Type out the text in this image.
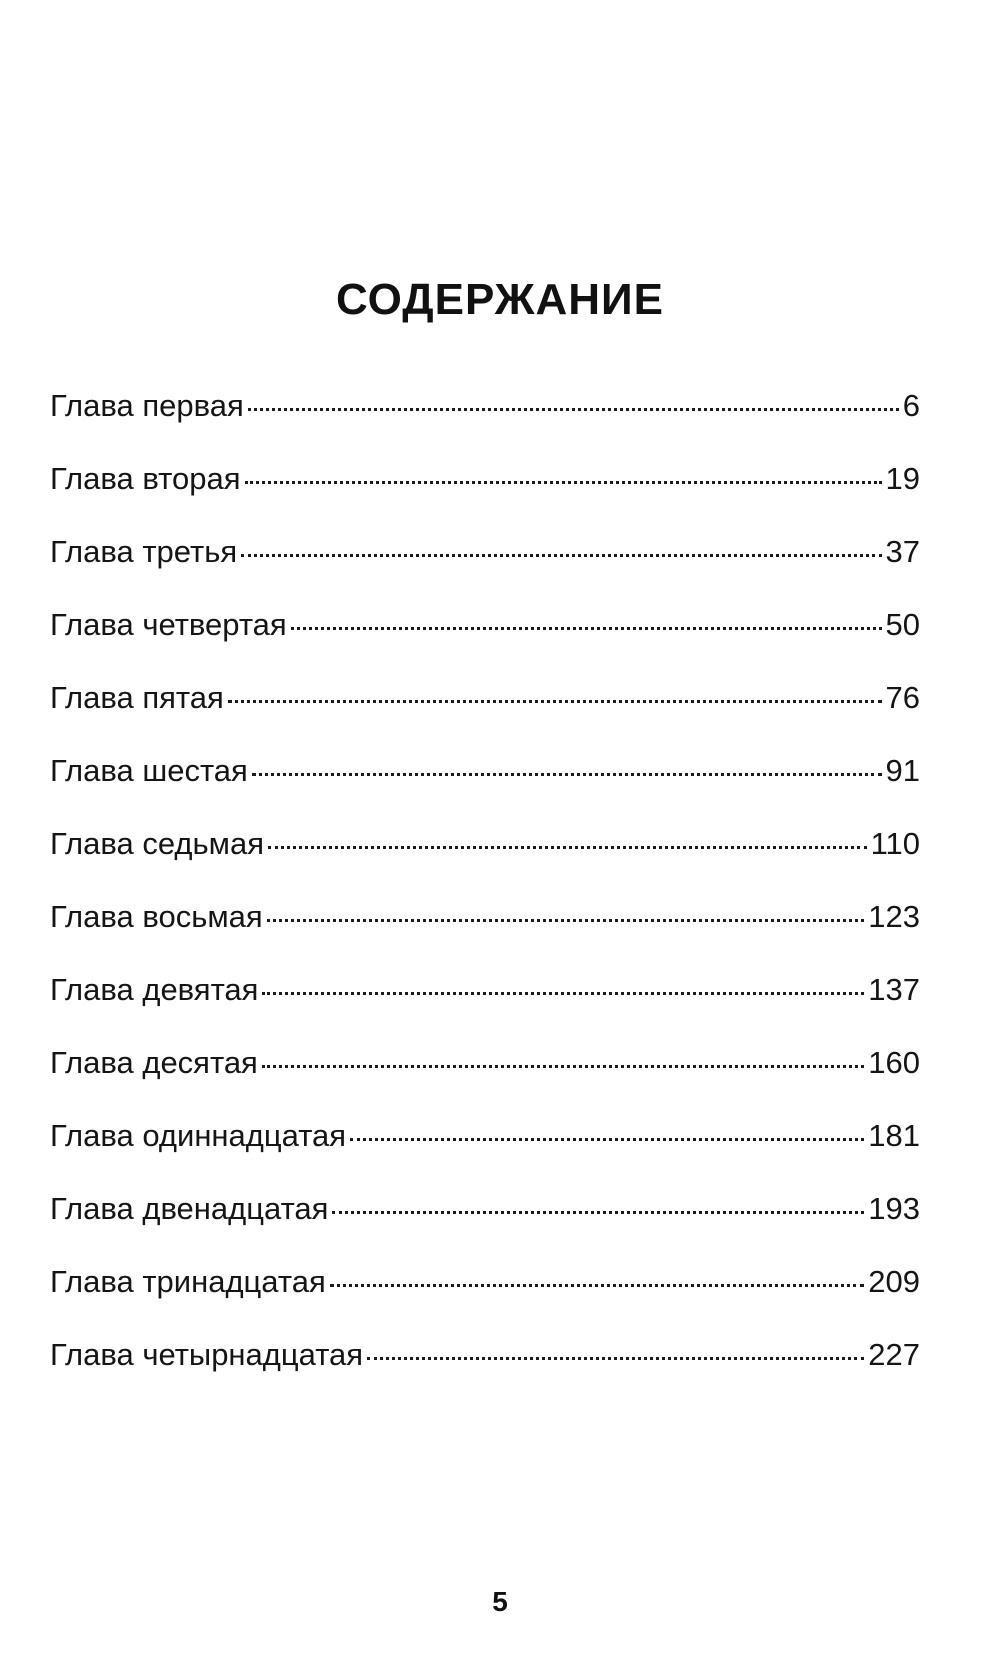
СОДЕРЖАНИЕ
Глава первая	6
Глава вторая	19
Глава третья	37
Глава четвертая	50
Глава пятая	76
Глава шестая	91
Глава седьмая	110
Глава восьмая	123
Глава девятая	137
Глава десятая	160
Глава одиннадцатая	181
Глава двенадцатая	193
Глава тринадцатая	209
Глава четырнадцатая	227
5
